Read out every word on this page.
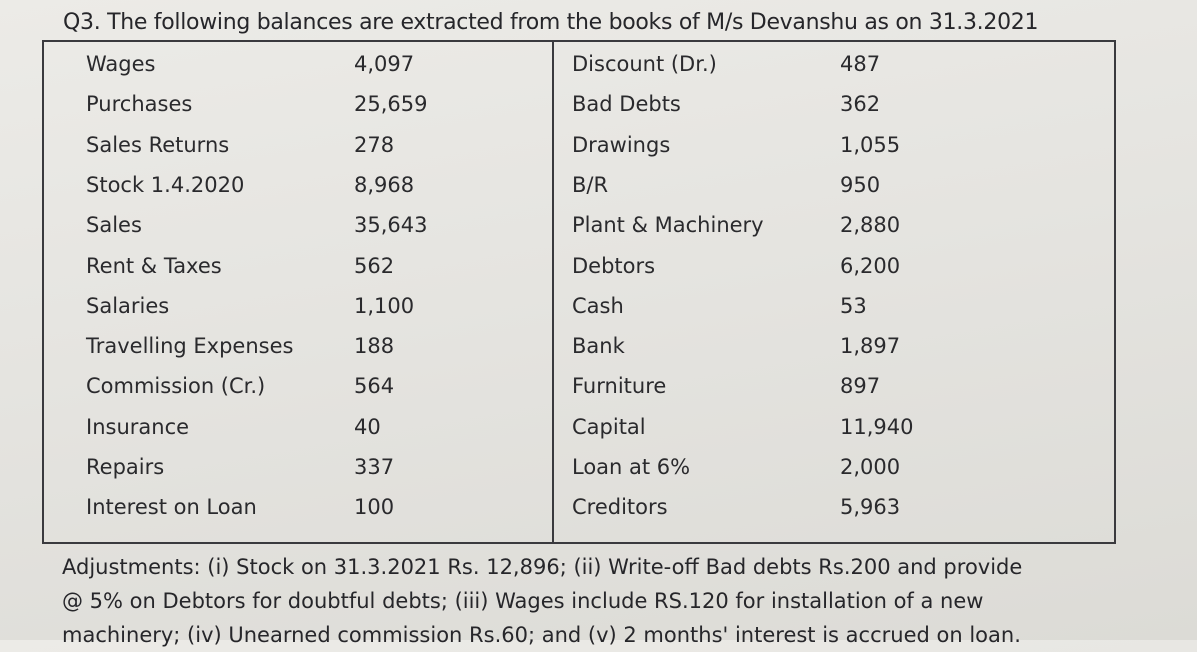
Q3. The following balances are extracted from the books of M/s Devanshu as on 31.3.2021
Wages	4,097
Purchases	25,659
Sales Returns	278
Stock 1.4.2020	8,968
Sales	35,643
Rent & Taxes	562
Salaries	1,100
Travelling Expenses	188
Commission (Cr.)	564
Insurance	40
Repairs	337
Interest on Loan	100
Discount (Dr.)	487
Bad Debts	362
Drawings	1,055
B/R	950
Plant & Machinery	2,880
Debtors	6,200
Cash	53
Bank	1,897
Furniture	897
Capital	11,940
Loan at 6%	2,000
Creditors	5,963
Adjustments: (i) Stock on 31.3.2021 Rs. 12,896; (ii) Write-off Bad debts Rs.200 and provide
@ 5% on Debtors for doubtful debts; (iii) Wages include RS.120 for installation of a new
machinery; (iv) Unearned commission Rs.60; and (v) 2 months' interest is accrued on loan.
